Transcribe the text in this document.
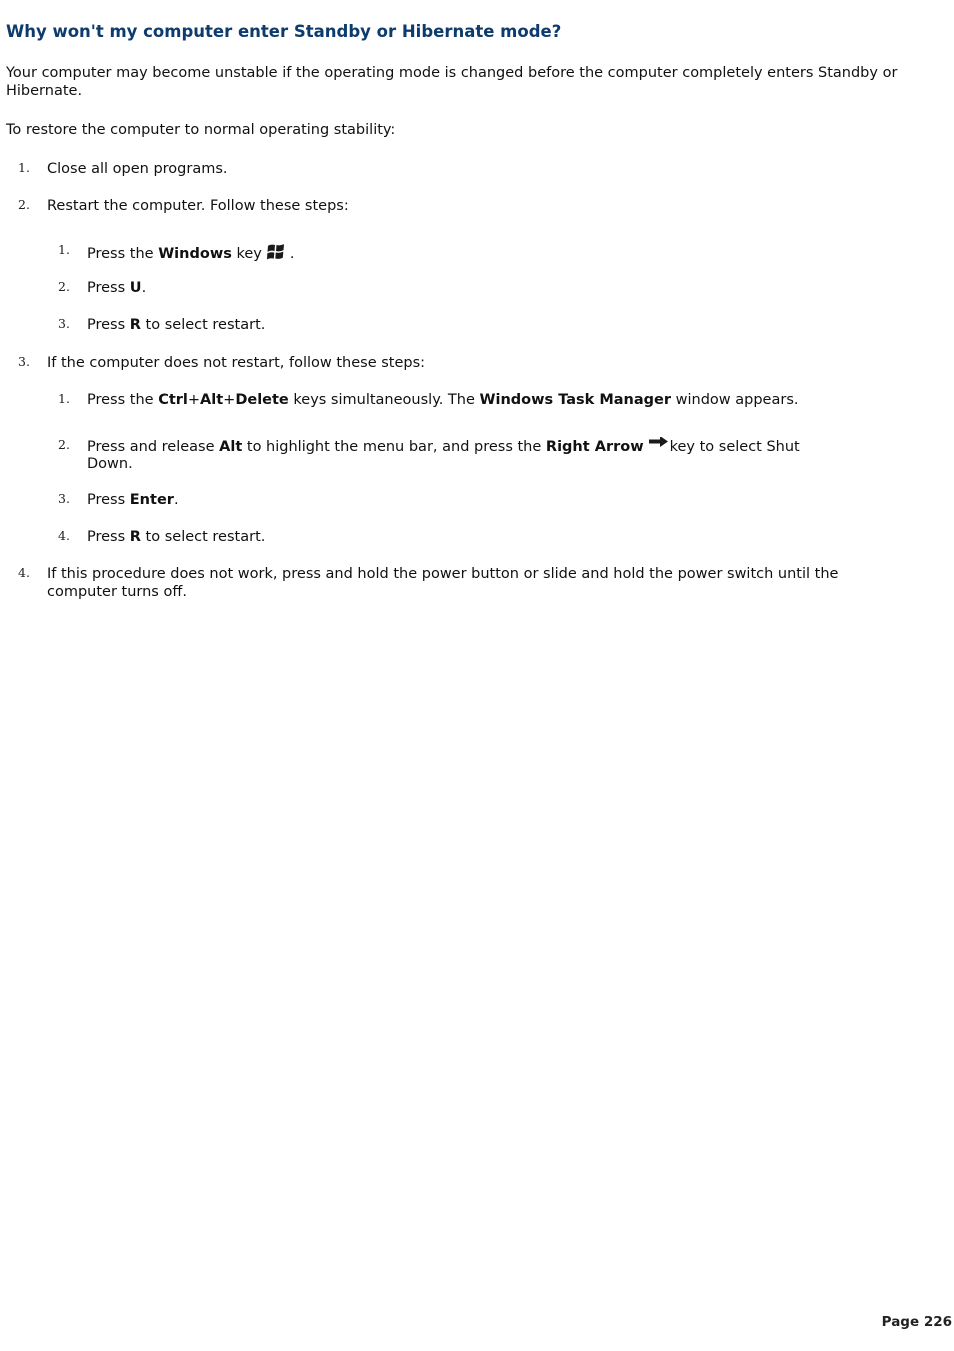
Why won't my computer enter Standby or Hibernate mode?

Your computer may become unstable if the operating mode is changed before the computer completely enters Standby or Hibernate.

To restore the computer to normal operating stability:

1. Close all open programs.
2. Restart the computer. Follow these steps:
1. Press the Windows key .
2. Press U.
3. Press R to select restart.
3. If the computer does not restart, follow these steps:
1. Press the Ctrl+Alt+Delete keys simultaneously. The Windows Task Manager window appears.
2. Press and release Alt to highlight the menu bar, and press the Right Arrow key to select Shut
Down.
3. Press Enter.
4. Press R to select restart.
4. If this procedure does not work, press and hold the power button or slide and hold the power switch until the
computer turns off.
Page 226
